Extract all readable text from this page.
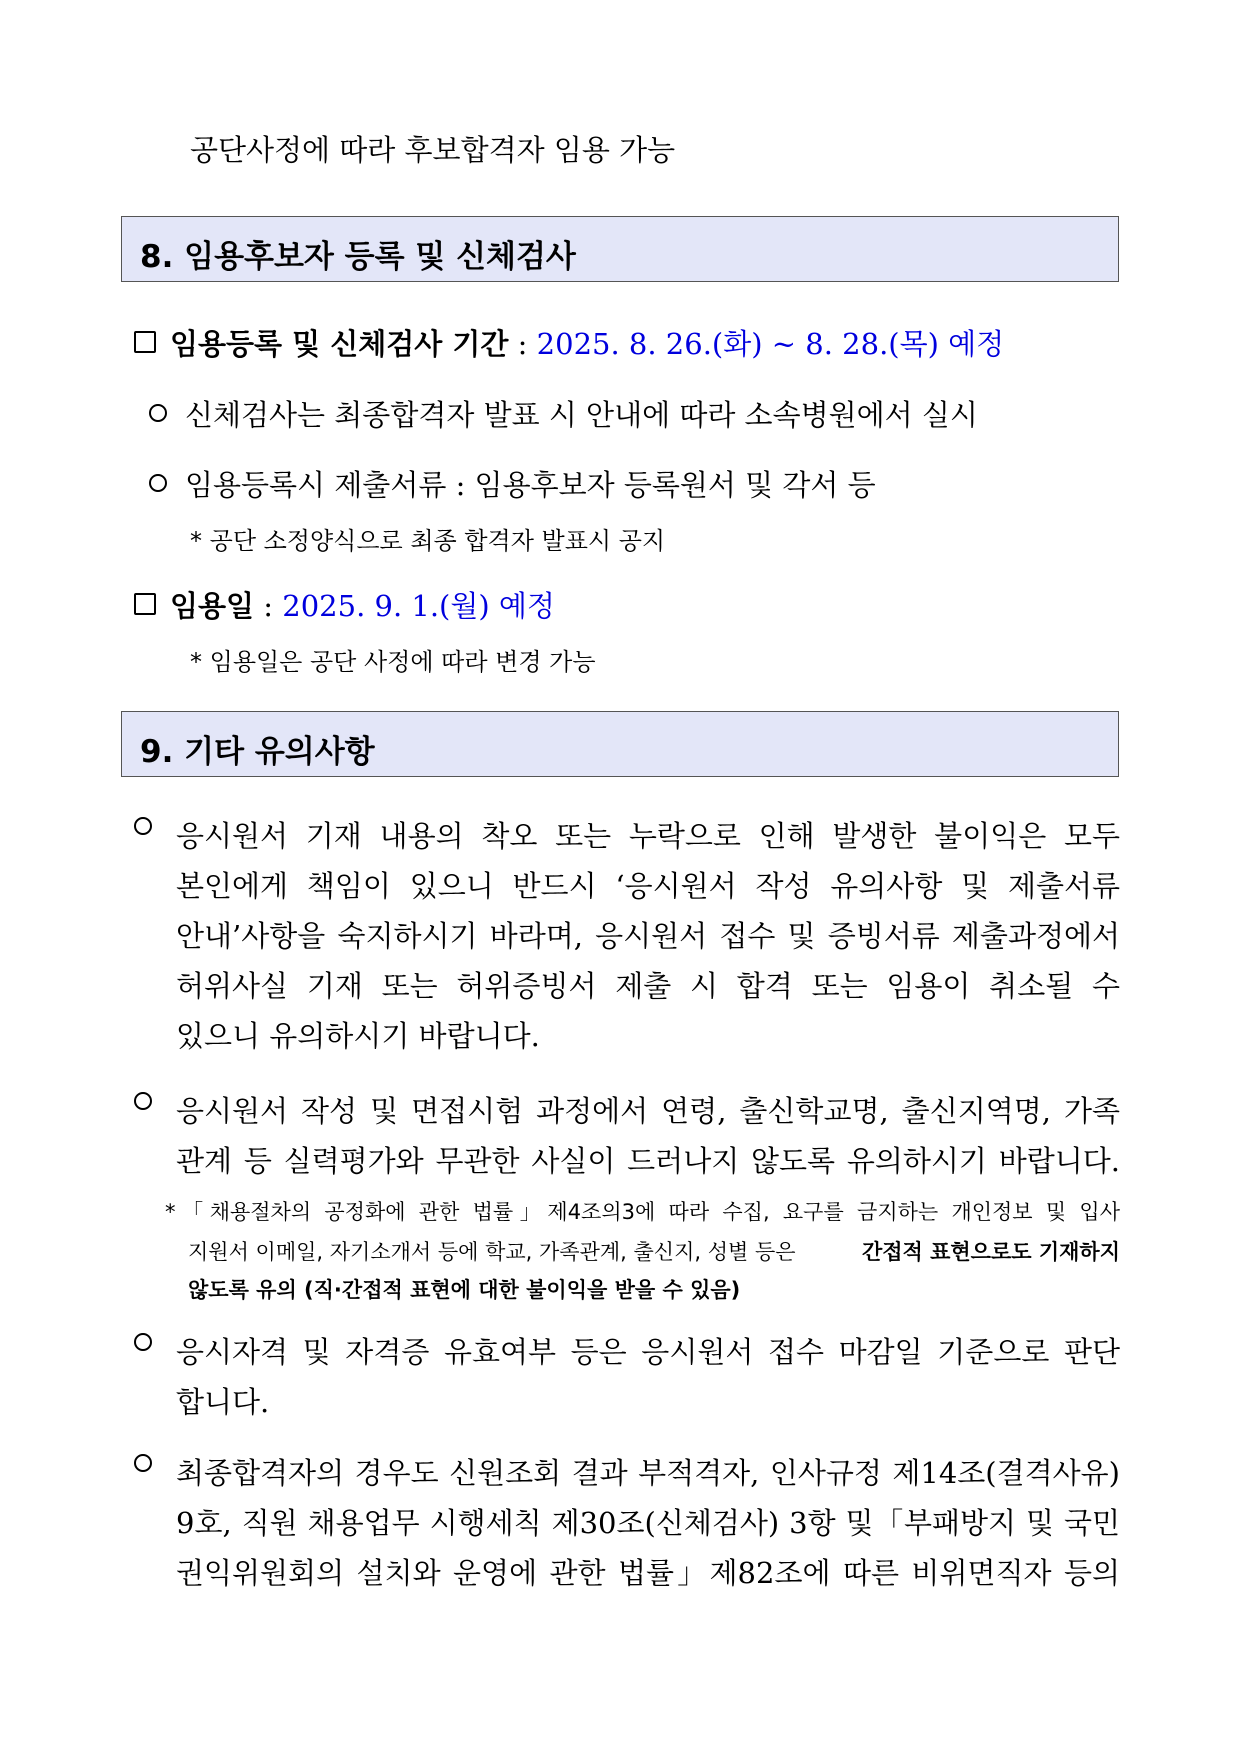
공단사정에 따라 후보합격자 임용 가능
8. 임용후보자 등록 및 신체검사
임용등록 및 신체검사 기간 : 2025. 8. 26.(화) ~ 8. 28.(목) 예정
신체검사는 최종합격자 발표 시 안내에 따라 소속병원에서 실시
임용등록시 제출서류 : 임용후보자 등록원서 및 각서 등
* 공단 소정양식으로 최종 합격자 발표시 공지
임용일 : 2025. 9. 1.(월) 예정
* 임용일은 공단 사정에 따라 변경 가능
9. 기타 유의사항
응시원서 기재 내용의 착오 또는 누락으로 인해 발생한 불이익은 모두
본인에게 책임이 있으니 반드시 ‘응시원서 작성 유의사항 및 제출서류
안내’사항을 숙지하시기 바라며, 응시원서 접수 및 증빙서류 제출과정에서
허위사실 기재 또는 허위증빙서 제출 시 합격 또는 임용이 취소될 수
있으니 유의하시기 바랍니다.
응시원서 작성 및 면접시험 과정에서 연령, 출신학교명, 출신지역명, 가족
관계 등 실력평가와 무관한 사실이 드러나지 않도록 유의하시기 바랍니다.
*「채용절차의 공정화에 관한 법률」제4조의3에 따라 수집, 요구를 금지하는 개인정보 및 입사
지원서 이메일, 자기소개서 등에 학교, 가족관계, 출신지, 성별 등은	간접적 표현으로도 기재하지
않도록 유의 (직·간접적 표현에 대한 불이익을 받을 수 있음)
응시자격 및 자격증 유효여부 등은 응시원서 접수 마감일 기준으로 판단
합니다.
최종합격자의 경우도 신원조회 결과 부적격자, 인사규정 제14조(결격사유)
9호, 직원 채용업무 시행세칙 제30조(신체검사) 3항 및「부패방지 및 국민
권익위원회의 설치와 운영에 관한 법률」제82조에 따른 비위면직자 등의
